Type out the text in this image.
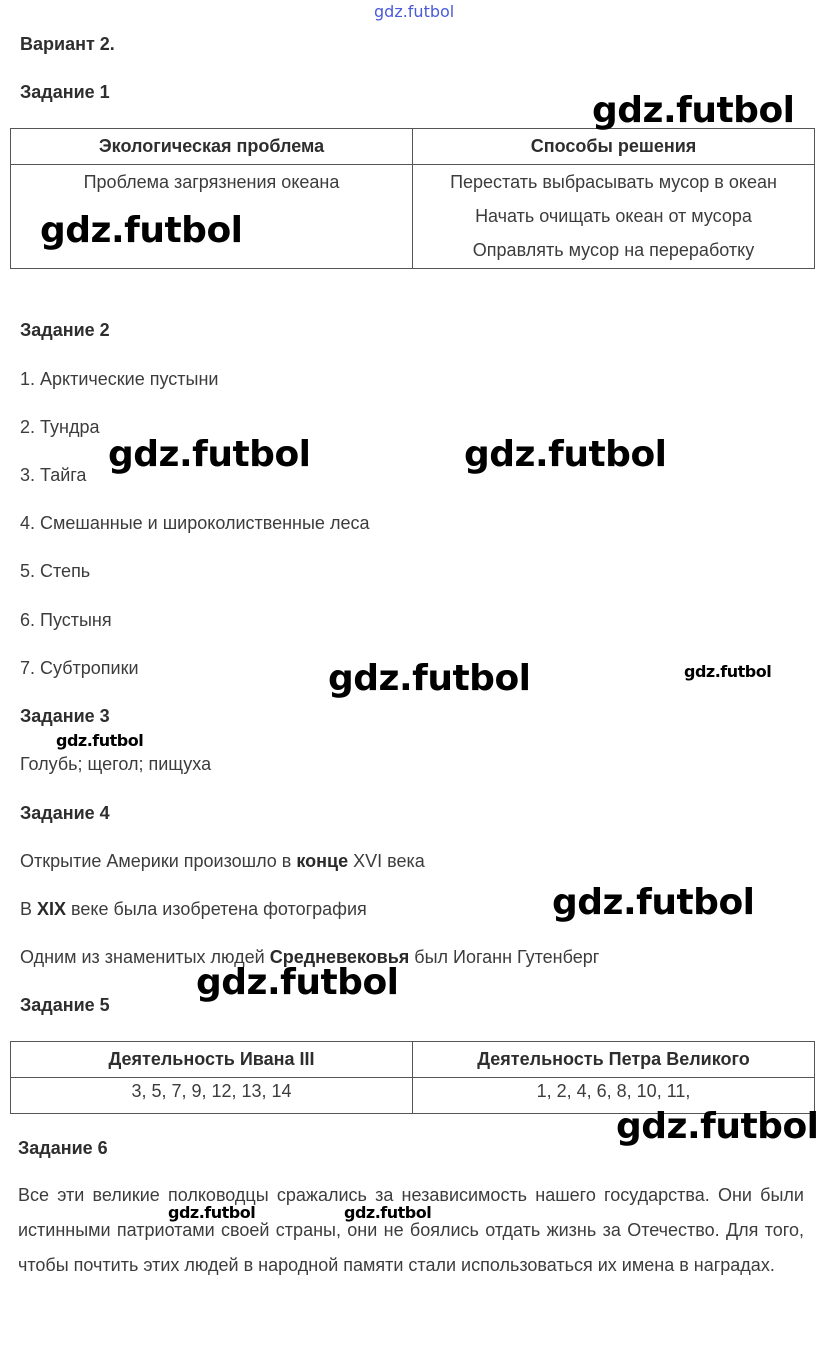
gdz.futbol
Вариант 2.
Задание 1
Экологическая проблема	Способы решения

Проблема загрязнения океана	Перестать выбрасывать мусор в океан
Начать очищать океан от мусора
Оправлять мусор на переработку
Задание 2
1. Арктические пустыни
2. Тундра
3. Тайга
4. Смешанные и широколиственные леса
5. Степь
6. Пустыня
7. Субтропики
Задание 3
Голубь; щегол; пищуха
Задание 4
Открытие Америки произошло в конце XVI века
В XIX веке была изобретена фотография
Одним из знаменитых людей Средневековья был Иоганн Гутенберг
Задание 5
Деятельность Ивана III	Деятельность Петра Великого
3, 5, 7, 9, 12, 13, 14	1, 2, 4, 6, 8, 10, 11,
Задание 6
Все эти великие полководцы сражались за независимость нашего государства. Они были истинными патриотами своей страны, они не боялись отдать жизнь за Отечество. Для того, чтобы почтить этих людей в народной памяти стали использоваться их имена в наградах.
gdz.futbol
gdz.futbol
gdz.futbol	gdz.futbol
gdz.futbol	gdz.futbol
gdz.futbol
gdz.futbol
gdz.futbol
gdz.futbol
gdz.futbol	gdz.futbol
